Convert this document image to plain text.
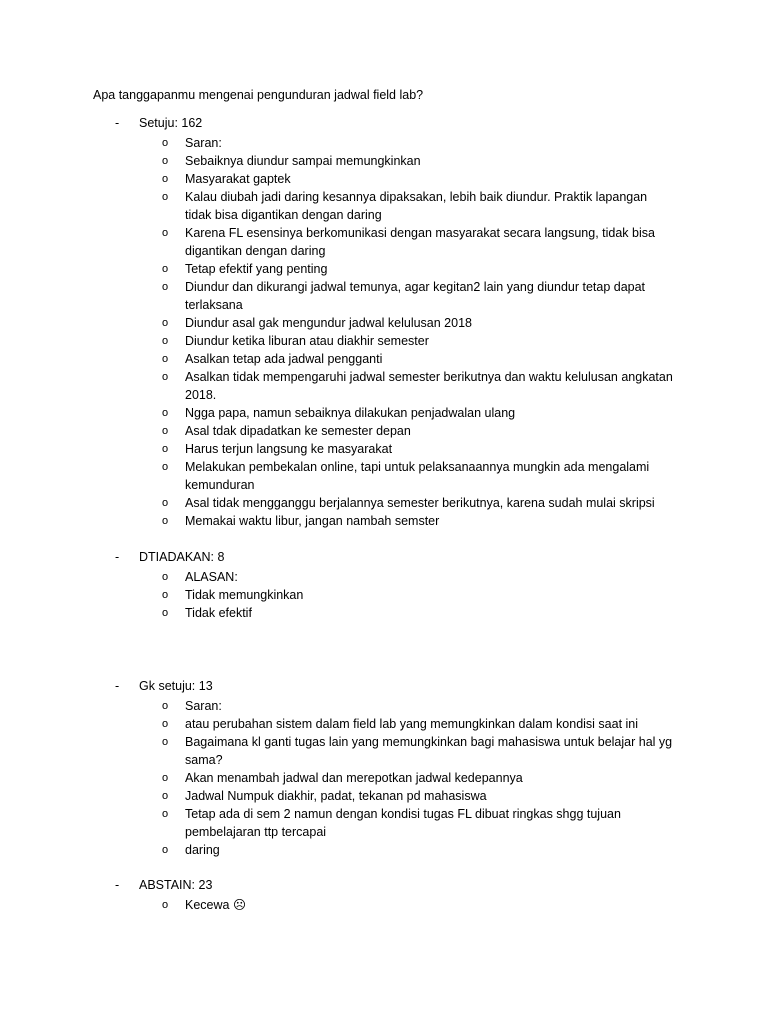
Apa tanggapanmu mengenai pengunduran jadwal field lab?
- Setuju: 162
o Saran:
o Sebaiknya diundur sampai memungkinkan
o Masyarakat gaptek
o Kalau diubah jadi daring kesannya dipaksakan, lebih baik diundur. Praktik lapangan tidak bisa digantikan dengan daring
o Karena FL esensinya berkomunikasi dengan masyarakat secara langsung, tidak bisa digantikan dengan daring
o Tetap efektif yang penting
o Diundur dan dikurangi jadwal temunya, agar kegitan2 lain yang diundur tetap dapat terlaksana
o Diundur asal gak mengundur jadwal kelulusan 2018
o Diundur ketika liburan atau diakhir semester
o Asalkan tetap ada jadwal pengganti
o Asalkan tidak mempengaruhi jadwal semester berikutnya dan waktu kelulusan angkatan 2018.
o Ngga papa, namun sebaiknya dilakukan penjadwalan ulang
o Asal tdak dipadatkan ke semester depan
o Harus terjun langsung ke masyarakat
o Melakukan pembekalan online, tapi untuk pelaksanaannya mungkin ada mengalami kemunduran
o Asal tidak mengganggu berjalannya semester berikutnya, karena sudah mulai skripsi
o Memakai waktu libur, jangan nambah semster
- DTIADAKAN: 8
o ALASAN:
o Tidak memungkinkan
o Tidak efektif
- Gk setuju: 13
o Saran:
o atau perubahan sistem dalam field lab yang memungkinkan dalam kondisi saat ini
o Bagaimana kl ganti tugas lain yang memungkinkan bagi mahasiswa untuk belajar hal yg sama?
o Akan menambah jadwal dan merepotkan jadwal kedepannya
o Jadwal Numpuk diakhir, padat, tekanan pd mahasiswa
o Tetap ada di sem 2 namun dengan kondisi tugas FL dibuat ringkas shgg tujuan pembelajaran ttp tercapai
o daring
- ABSTAIN: 23
o Kecewa ☹
